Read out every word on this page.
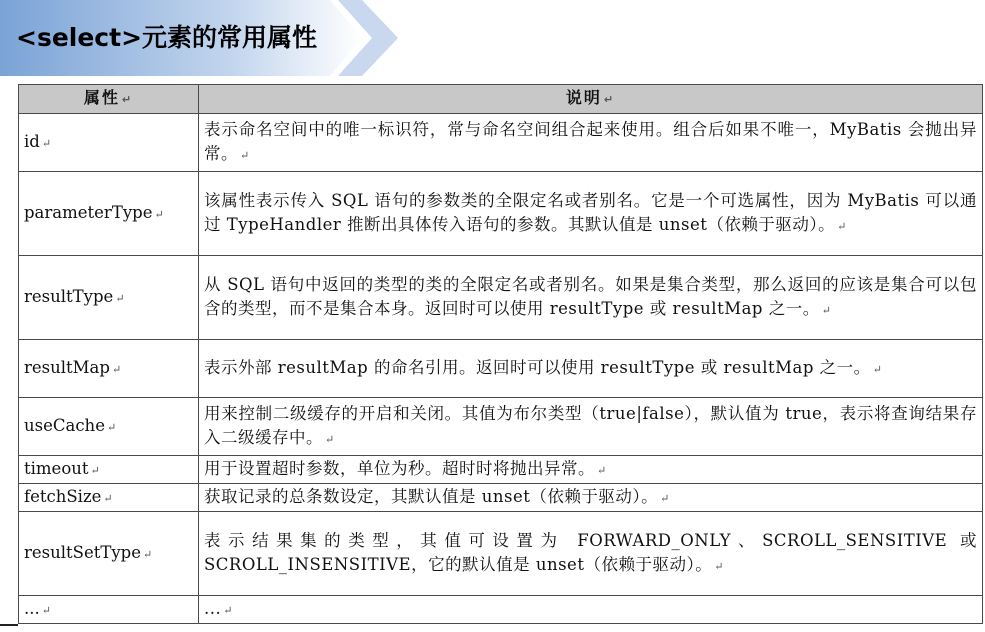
<select>元素的常用属性
属性 ↵	说明 ↵
id ↵	表示命名空间中的唯一标识符，常与命名空间组合起来使用。组合后如果不唯一，MyBatis 会抛出异常。 ↵
parameterType ↵	该属性表示传入 SQL 语句的参数类的全限定名或者别名。它是一个可选属性，因为 MyBatis 可以通过 TypeHandler 推断出具体传入语句的参数。其默认值是 unset（依赖于驱动）。 ↵
resultType ↵	从 SQL 语句中返回的类型的类的全限定名或者别名。如果是集合类型，那么返回的应该是集合可以包含的类型，而不是集合本身。返回时可以使用 resultType 或 resultMap 之一。 ↵
resultMap ↵	表示外部 resultMap 的命名引用。返回时可以使用 resultType 或 resultMap 之一。 ↵
useCache ↵	用来控制二级缓存的开启和关闭。其值为布尔类型（true|false），默认值为 true，表示将查询结果存入二级缓存中。 ↵
timeout ↵	用于设置超时参数，单位为秒。超时时将抛出异常。 ↵
fetchSize ↵	获取记录的总条数设定，其默认值是 unset（依赖于驱动）。 ↵
resultSetType ↵	表示结果集的类型，其值可设置为 FORWARD_ONLY、SCROLL_SENSITIVE 或 SCROLL_INSENSITIVE，它的默认值是 unset（依赖于驱动）。 ↵
... ↵	... ↵
